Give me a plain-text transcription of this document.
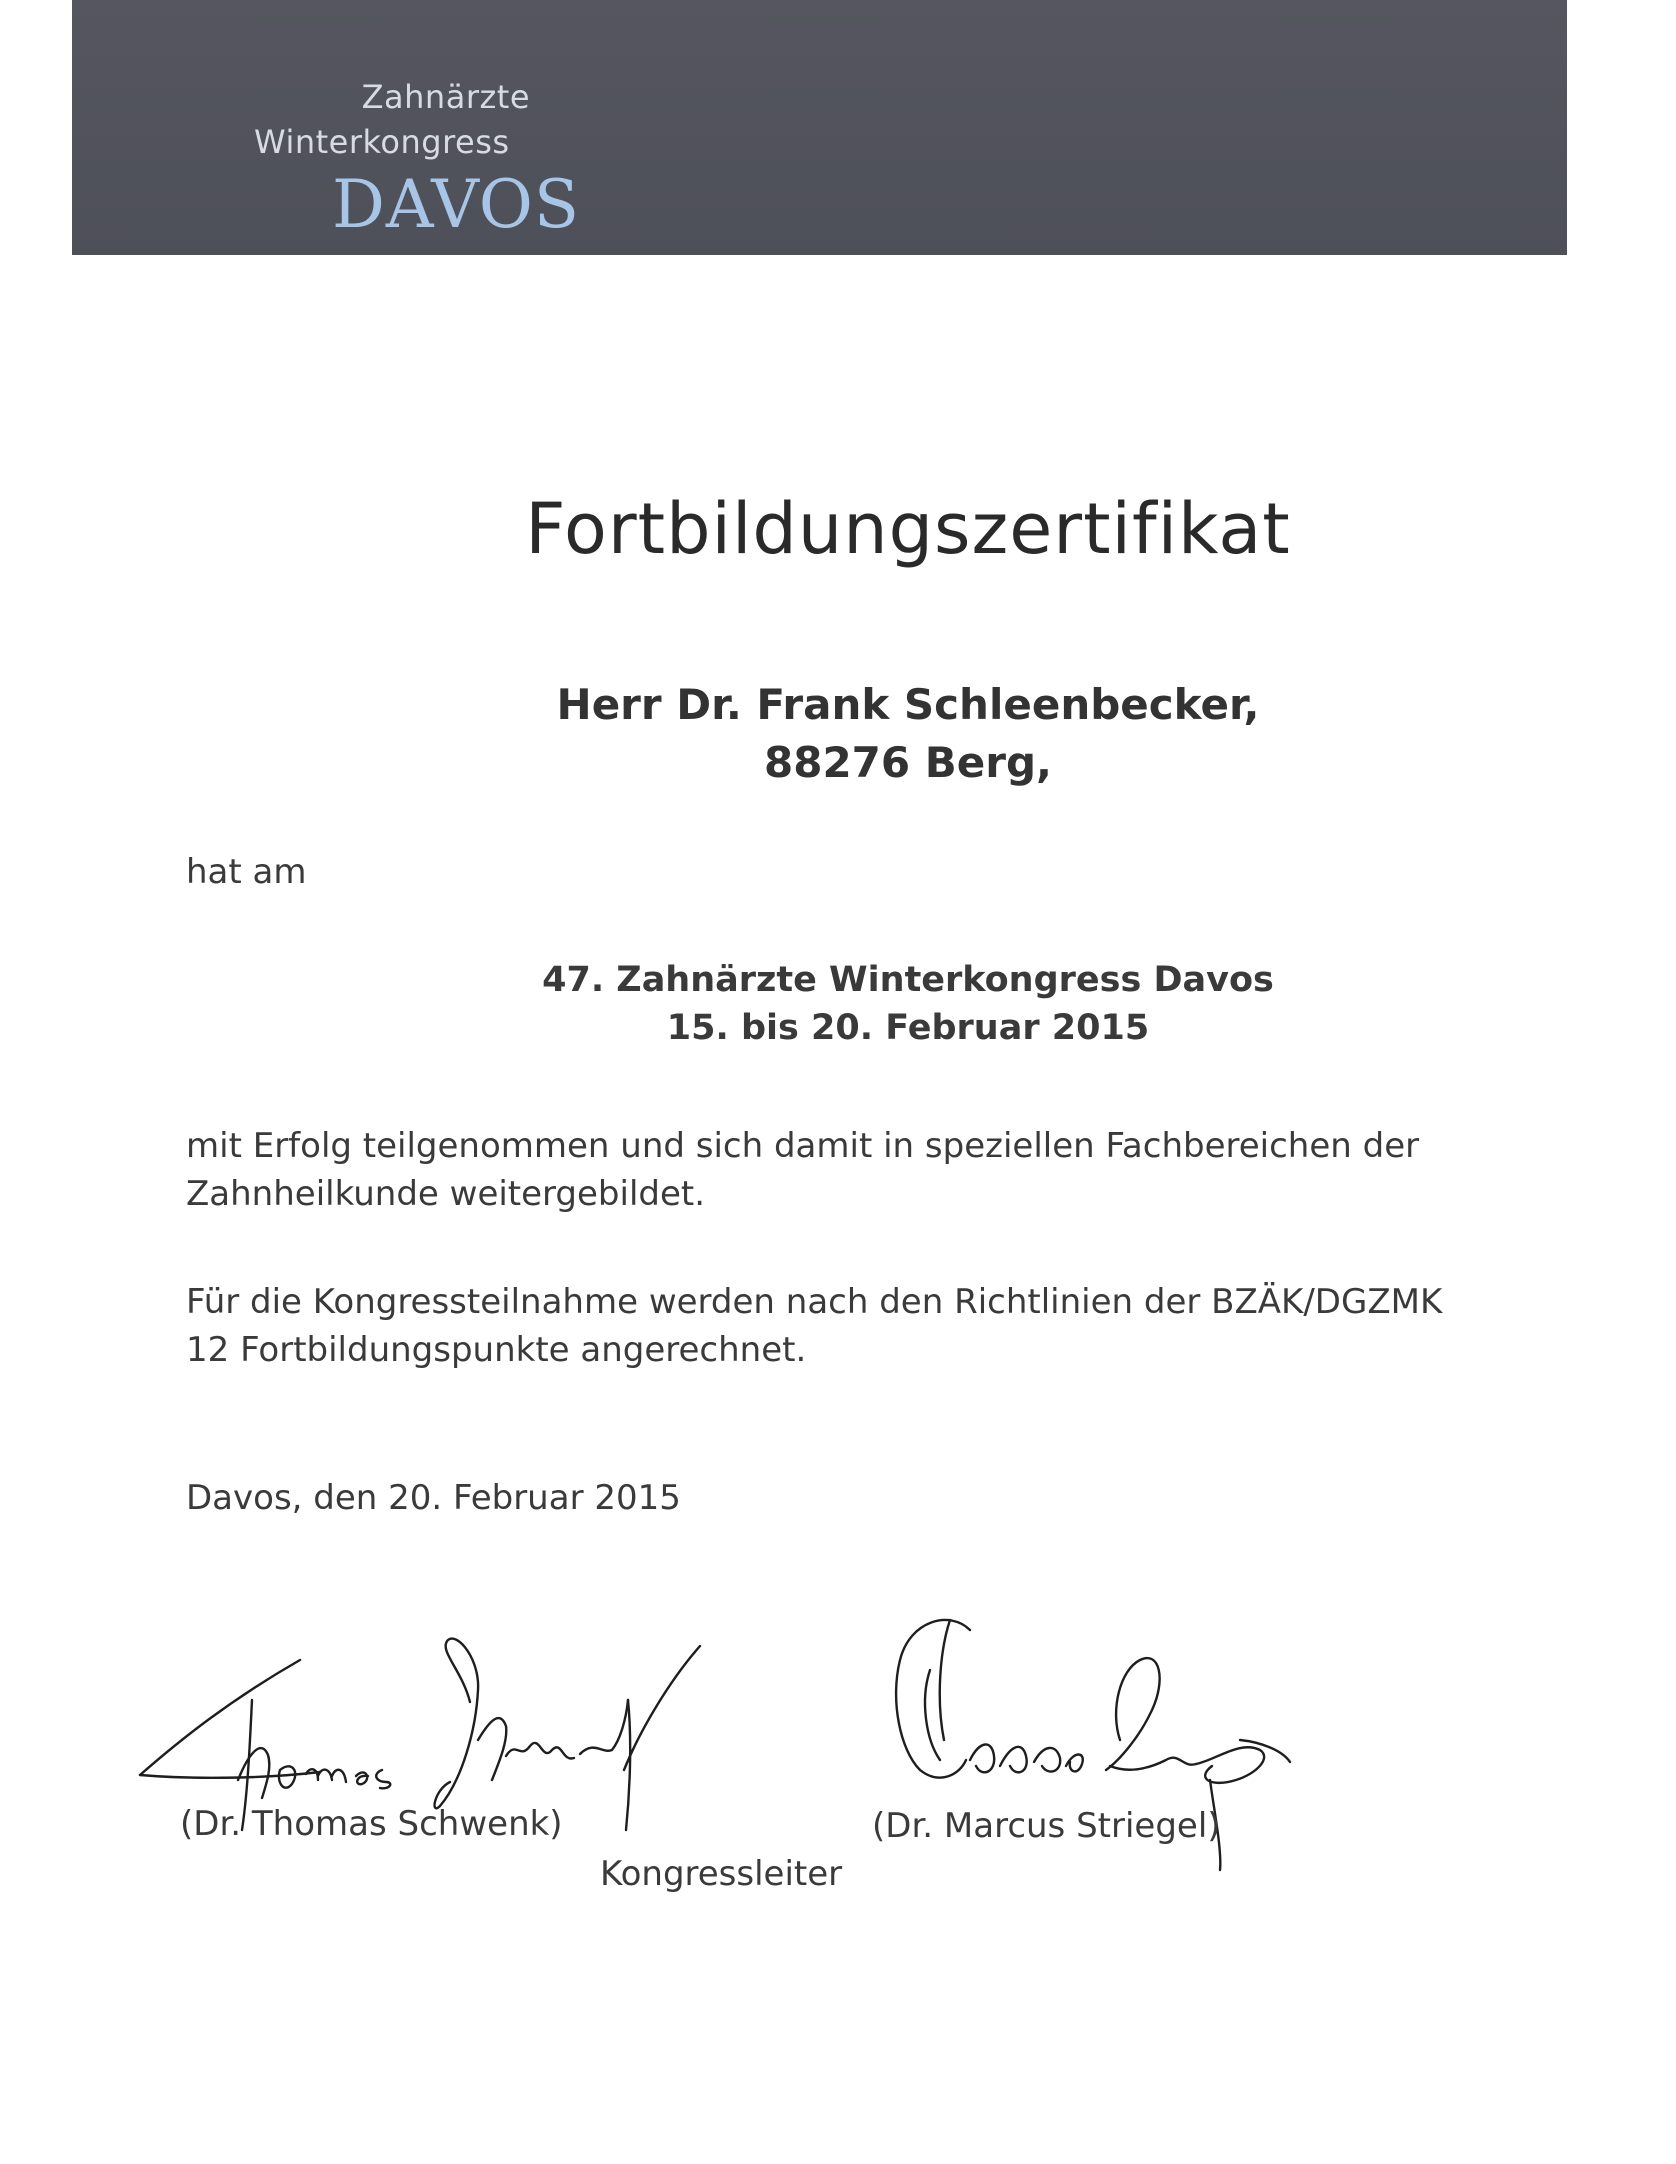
Zahnärzte
Winterkongress
DAVOS
Fortbildungszertifikat
Herr Dr. Frank Schleenbecker,
88276 Berg,
hat am
47. Zahnärzte Winterkongress Davos
15. bis 20. Februar 2015
mit Erfolg teilgenommen und sich damit in speziellen Fachbereichen der
Zahnheilkunde weitergebildet.
Für die Kongressteilnahme werden nach den Richtlinien der BZÄK/DGZMK
12 Fortbildungspunkte angerechnet.
Davos, den 20. Februar 2015
(Dr. Thomas Schwenk)	(Dr. Marcus Striegel)
Kongressleiter
